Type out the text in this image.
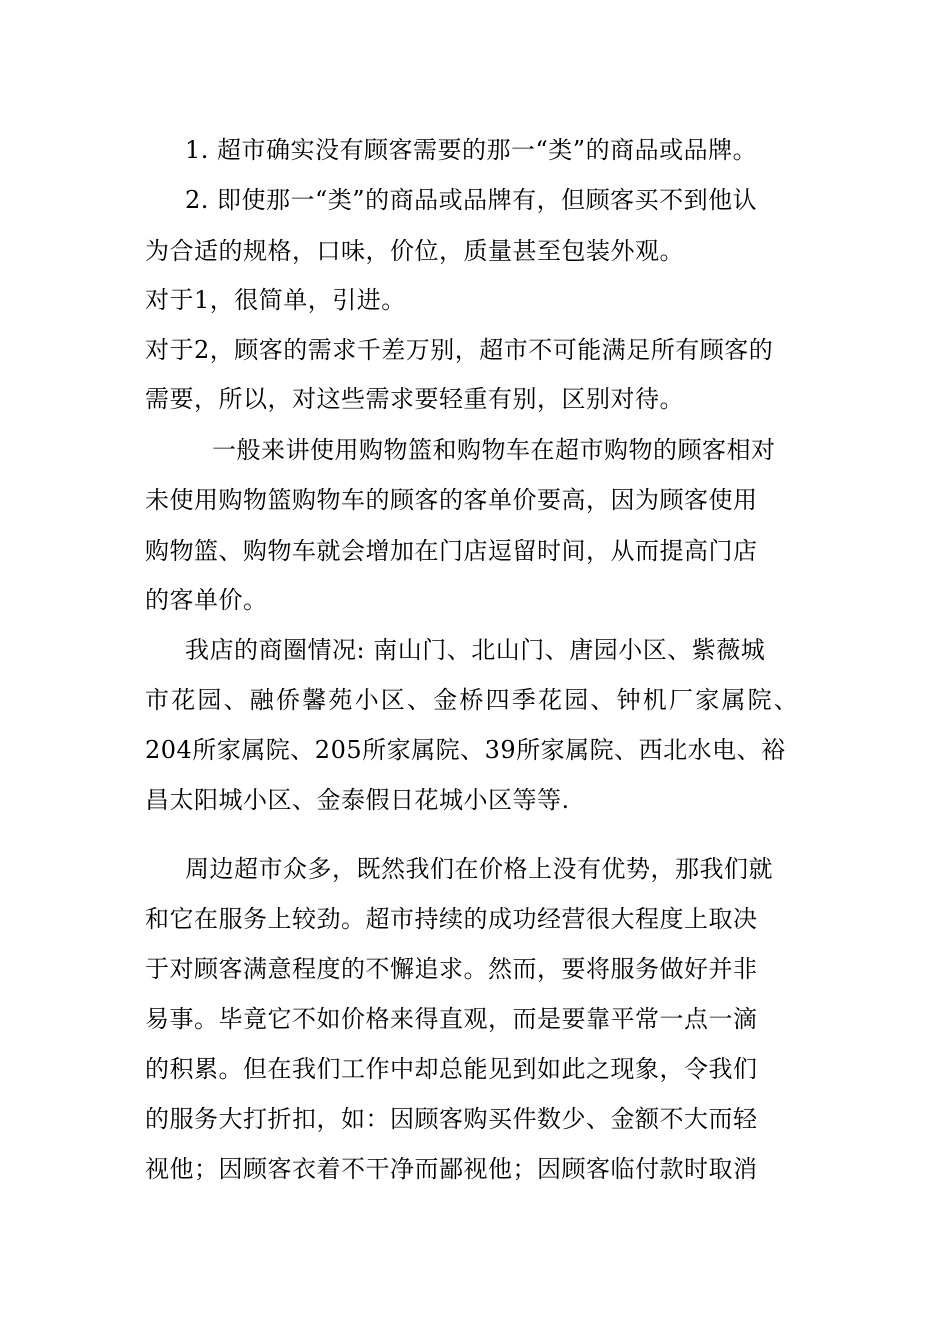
1. 超市确实没有顾客需要的那一“类”的商品或品牌。

2. 即使那一“类”的商品或品牌有，但顾客买不到他认

为合适的规格，口味，价位，质量甚至包装外观。

对于1，很简单，引进。

对于2，顾客的需求千差万别，超市不可能满足所有顾客的

需要，所以，对这些需求要轻重有别，区别对待。

一般来讲使用购物篮和购物车在超市购物的顾客相对

未使用购物篮购物车的顾客的客单价要高，因为顾客使用

购物篮、购物车就会增加在门店逗留时间，从而提高门店

的客单价。

我店的商圈情况: 南山门、北山门、唐园小区、紫薇城

市花园、融侨馨苑小区、金桥四季花园、钟机厂家属院、

204所家属院、205所家属院、39所家属院、西北水电、裕

昌太阳城小区、金泰假日花城小区等等.

周边超市众多，既然我们在价格上没有优势，那我们就

和它在服务上较劲。超市持续的成功经营很大程度上取决

于对顾客满意程度的不懈追求。然而，要将服务做好并非

易事。毕竟它不如价格来得直观，而是要靠平常一点一滴

的积累。但在我们工作中却总能见到如此之现象，令我们

的服务大打折扣，如：因顾客购买件数少、金额不大而轻

视他；因顾客衣着不干净而鄙视他；因顾客临付款时取消
